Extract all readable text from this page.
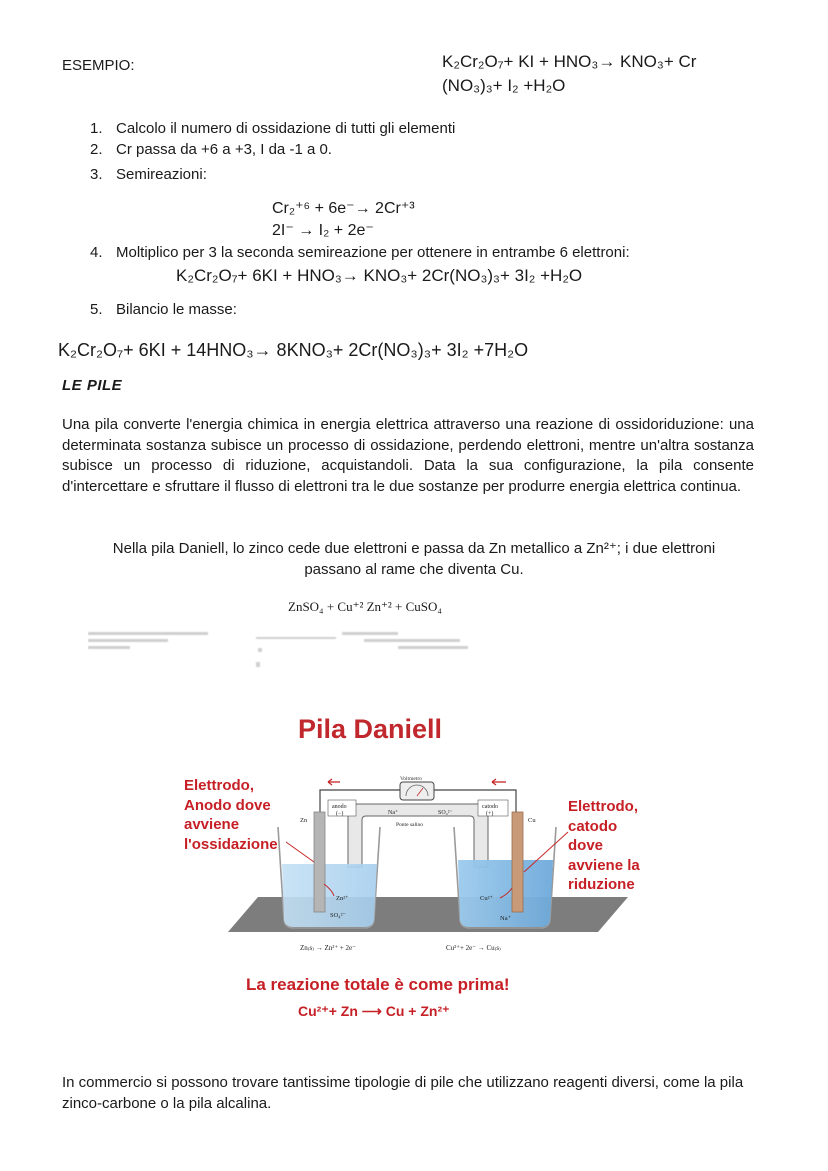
ESEMPIO:	K₂Cr₂O₇+ KI + HNO₃→ KNO₃+ Cr
(NO₃)₃+ I₂ +H₂O
1. Calcolo il numero di ossidazione di tutti gli elementi
2. Cr passa da +6 a +3, I da -1 a 0.
3. Semireazioni:
Cr₂⁺⁶ + 6e⁻→ 2Cr⁺³
2I⁻ → I₂ + 2e⁻
4. Moltiplico per 3 la seconda semireazione per ottenere in entrambe 6 elettroni:
K₂Cr₂O₇+ 6KI + HNO₃→ KNO₃+ 2Cr(NO₃)₃+ 3I₂ +H₂O
5. Bilancio le masse:
K₂Cr₂O₇+ 6KI + 14HNO₃→ 8KNO₃+ 2Cr(NO₃)₃+ 3I₂ +7H₂O
LE PILE
Una pila converte l'energia chimica in energia elettrica attraverso una reazione di ossidoriduzione: una determinata sostanza subisce un processo di ossidazione, perdendo elettroni, mentre un'altra sostanza subisce un processo di riduzione, acquistandoli. Data la sua configurazione, la pila consente d'intercettare e sfruttare il flusso di elettroni tra le due sostanze per produrre energia elettrica continua.
Nella pila Daniell, lo zinco cede due elettroni e passa da Zn metallico a Zn²⁺; i due elettroni
passano al rame che diventa Cu.
ZnSO₄ + Cu⁺² Zn⁺² + CuSO₄
Pila Daniell
Elettrodo,
Anodo dove
avviene
l'ossidazione
Elettrodo,
catodo
dove
avviene la
riduzione
Voltmetro
Na⁺	SO₄²⁻
Ponte salino
Zn
anodo
(−)
Cu
catodo
(+)
Zn²⁺
SO₄²⁻
Cu²⁺
Na⁺
Zn₍s₎ → Zn²⁺ + 2e⁻	Cu²⁺+ 2e⁻ → Cu₍s₎
La reazione totale è come prima!
Cu²⁺+ Zn ⟶ Cu + Zn²⁺
In commercio si possono trovare tantissime tipologie di pile che utilizzano reagenti diversi, come la pila zinco-carbone o la pila alcalina.
